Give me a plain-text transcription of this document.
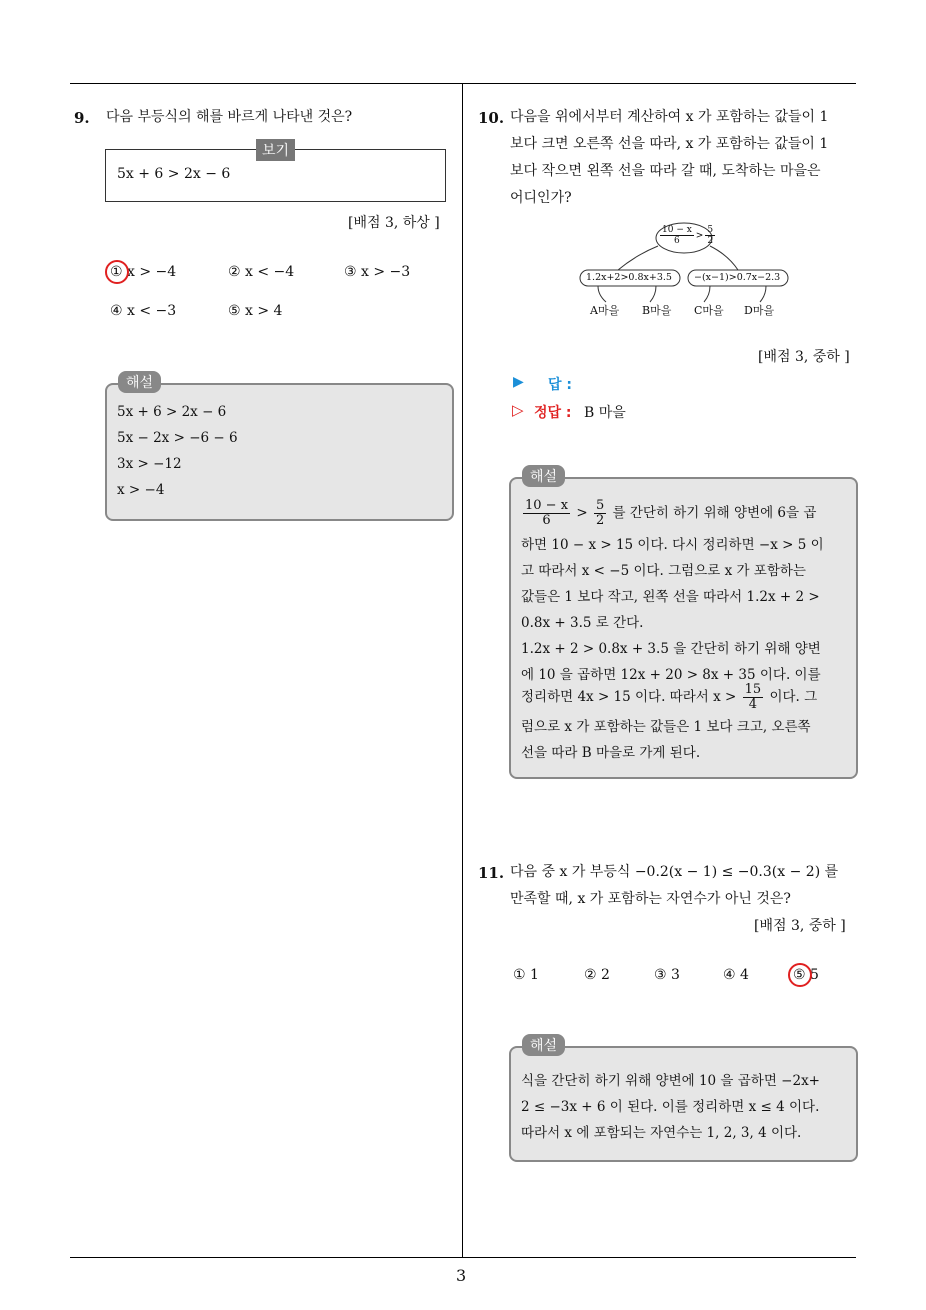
3
9. 다음 부등식의 해를 바르게 나타낸 것은?
보기
5x + 6 > 2x − 6
[배점 3, 하상 ]
① x > −4	② x < −4	③ x > −3
④ x < −3	⑤ x > 4
해설
5x + 6 > 2x − 6
5x − 2x > −6 − 6
3x > −12
x > −4
10. 다음을 위에서부터 계산하여 x 가 포함하는 값들이 1
보다 크면 오른쪽 선을 따라, x 가 포함하는 값들이 1
보다 작으면 왼쪽 선을 따라 갈 때, 도착하는 마을은
어디인가?
$\frac{10 - x}{6} > \frac{5}{2}$
1.2x+2>0.8x+3.5 −(x−1)>0.7x−2.3
A마을 B마을 C마을 D마을
[배점 3, 중하 ]
▶ 답 :
▷ 정답 : B 마을
해설
$\frac{10 - x}{6} > \frac{5}{2}$ 를 간단히 하기 위해 양변에 6을 곱
하면 10 − x > 15 이다. 다시 정리하면 −x > 5 이
고 따라서 x < −5 이다. 그럼으로 x 가 포함하는
값들은 1 보다 작고, 왼쪽 선을 따라서 1.2x + 2 >
0.8x + 3.5 로 간다.
1.2x + 2 > 0.8x + 3.5 을 간단히 하기 위해 양변
에 10 을 곱하면 12x + 20 > 8x + 35 이다. 이를
정리하면 4x > 15 이다. 따라서 $x > \frac{15}{4}$ 이다. 그
럼으로 x 가 포함하는 값들은 1 보다 크고, 오른쪽
선을 따라 B 마을로 가게 된다.
11. 다음 중 x 가 부등식 −0.2(x − 1) ≤ −0.3(x − 2) 를
만족할 때, x 가 포함하는 자연수가 아닌 것은?
[배점 3, 중하 ]
① 1	② 2	③ 3	④ 4	⑤ 5
해설
식을 간단히 하기 위해 양변에 10 을 곱하면 −2x+
2 ≤ −3x + 6 이 된다. 이를 정리하면 x ≤ 4 이다.
따라서 x 에 포함되는 자연수는 1, 2, 3, 4 이다.
